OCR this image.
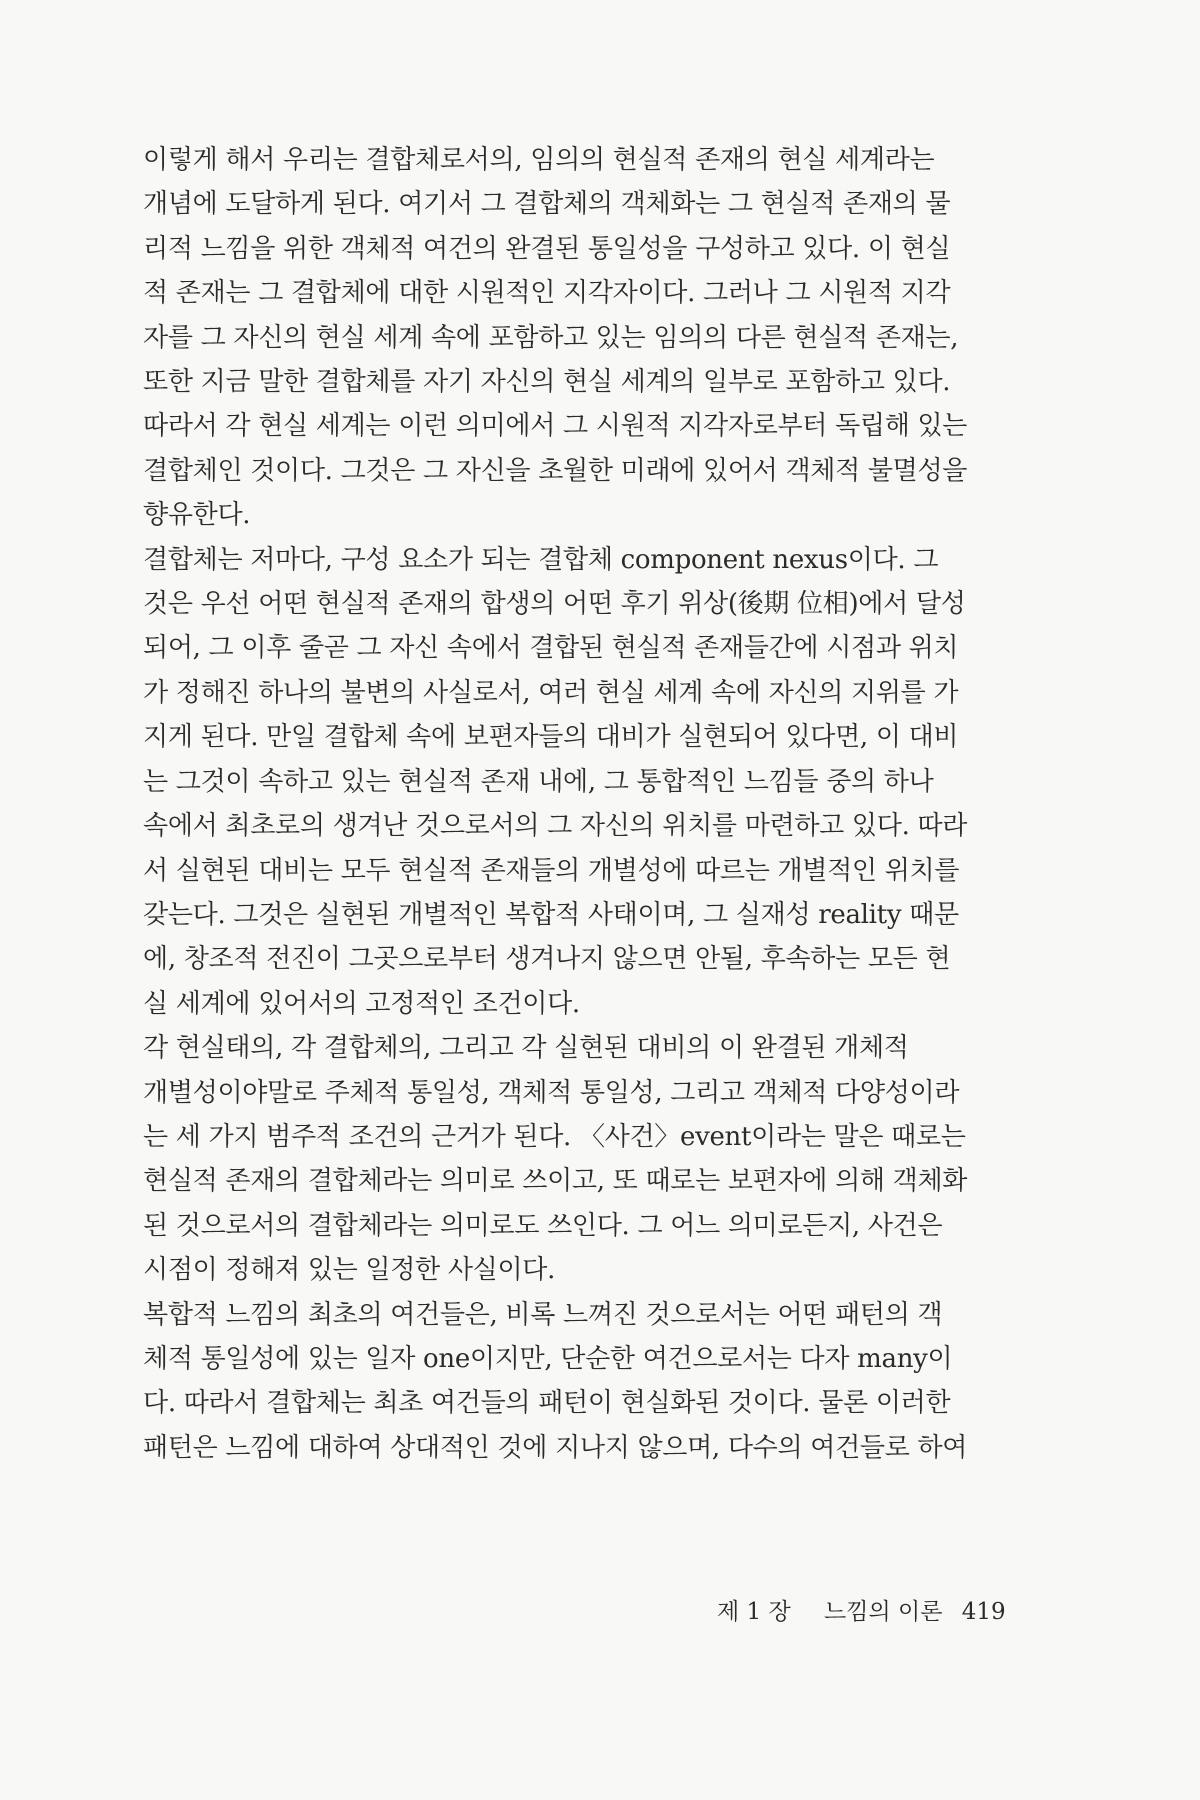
이렇게 해서 우리는 결합체로서의, 임의의 현실적 존재의 현실 세계라는

개념에 도달하게 된다. 여기서 그 결합체의 객체화는 그 현실적 존재의 물

리적 느낌을 위한 객체적 여건의 완결된 통일성을 구성하고 있다. 이 현실

적 존재는 그 결합체에 대한 시원적인 지각자이다. 그러나 그 시원적 지각

자를 그 자신의 현실 세계 속에 포함하고 있는 임의의 다른 현실적 존재는,

또한 지금 말한 결합체를 자기 자신의 현실 세계의 일부로 포함하고 있다.

따라서 각 현실 세계는 이런 의미에서 그 시원적 지각자로부터 독립해 있는

결합체인 것이다. 그것은 그 자신을 초월한 미래에 있어서 객체적 불멸성을

향유한다.

결합체는 저마다, 구성 요소가 되는 결합체 component nexus이다. 그

것은 우선 어떤 현실적 존재의 합생의 어떤 후기 위상(後期 位相)에서 달성

되어, 그 이후 줄곧 그 자신 속에서 결합된 현실적 존재들간에 시점과 위치

가 정해진 하나의 불변의 사실로서, 여러 현실 세계 속에 자신의 지위를 가

지게 된다. 만일 결합체 속에 보편자들의 대비가 실현되어 있다면, 이 대비

는 그것이 속하고 있는 현실적 존재 내에, 그 통합적인 느낌들 중의 하나

속에서 최초로의 생겨난 것으로서의 그 자신의 위치를 마련하고 있다. 따라

서 실현된 대비는 모두 현실적 존재들의 개별성에 따르는 개별적인 위치를

갖는다. 그것은 실현된 개별적인 복합적 사태이며, 그 실재성 reality 때문

에, 창조적 전진이 그곳으로부터 생겨나지 않으면 안될, 후속하는 모든 현

실 세계에 있어서의 고정적인 조건이다.

각 현실태의, 각 결합체의, 그리고 각 실현된 대비의 이 완결된 개체적

개별성이야말로 주체적 통일성, 객체적 통일성, 그리고 객체적 다양성이라

는 세 가지 범주적 조건의 근거가 된다. 〈사건〉event이라는 말은 때로는

현실적 존재의 결합체라는 의미로 쓰이고, 또 때로는 보편자에 의해 객체화

된 것으로서의 결합체라는 의미로도 쓰인다. 그 어느 의미로든지, 사건은

시점이 정해져 있는 일정한 사실이다.

복합적 느낌의 최초의 여건들은, 비록 느껴진 것으로서는 어떤 패턴의 객

체적 통일성에 있는 일자 one이지만, 단순한 여건으로서는 다자 many이

다. 따라서 결합체는 최초 여건들의 패턴이 현실화된 것이다. 물론 이러한

패턴은 느낌에 대하여 상대적인 것에 지나지 않으며, 다수의 여건들로 하여

제 1 장 느낌의 이론 419
